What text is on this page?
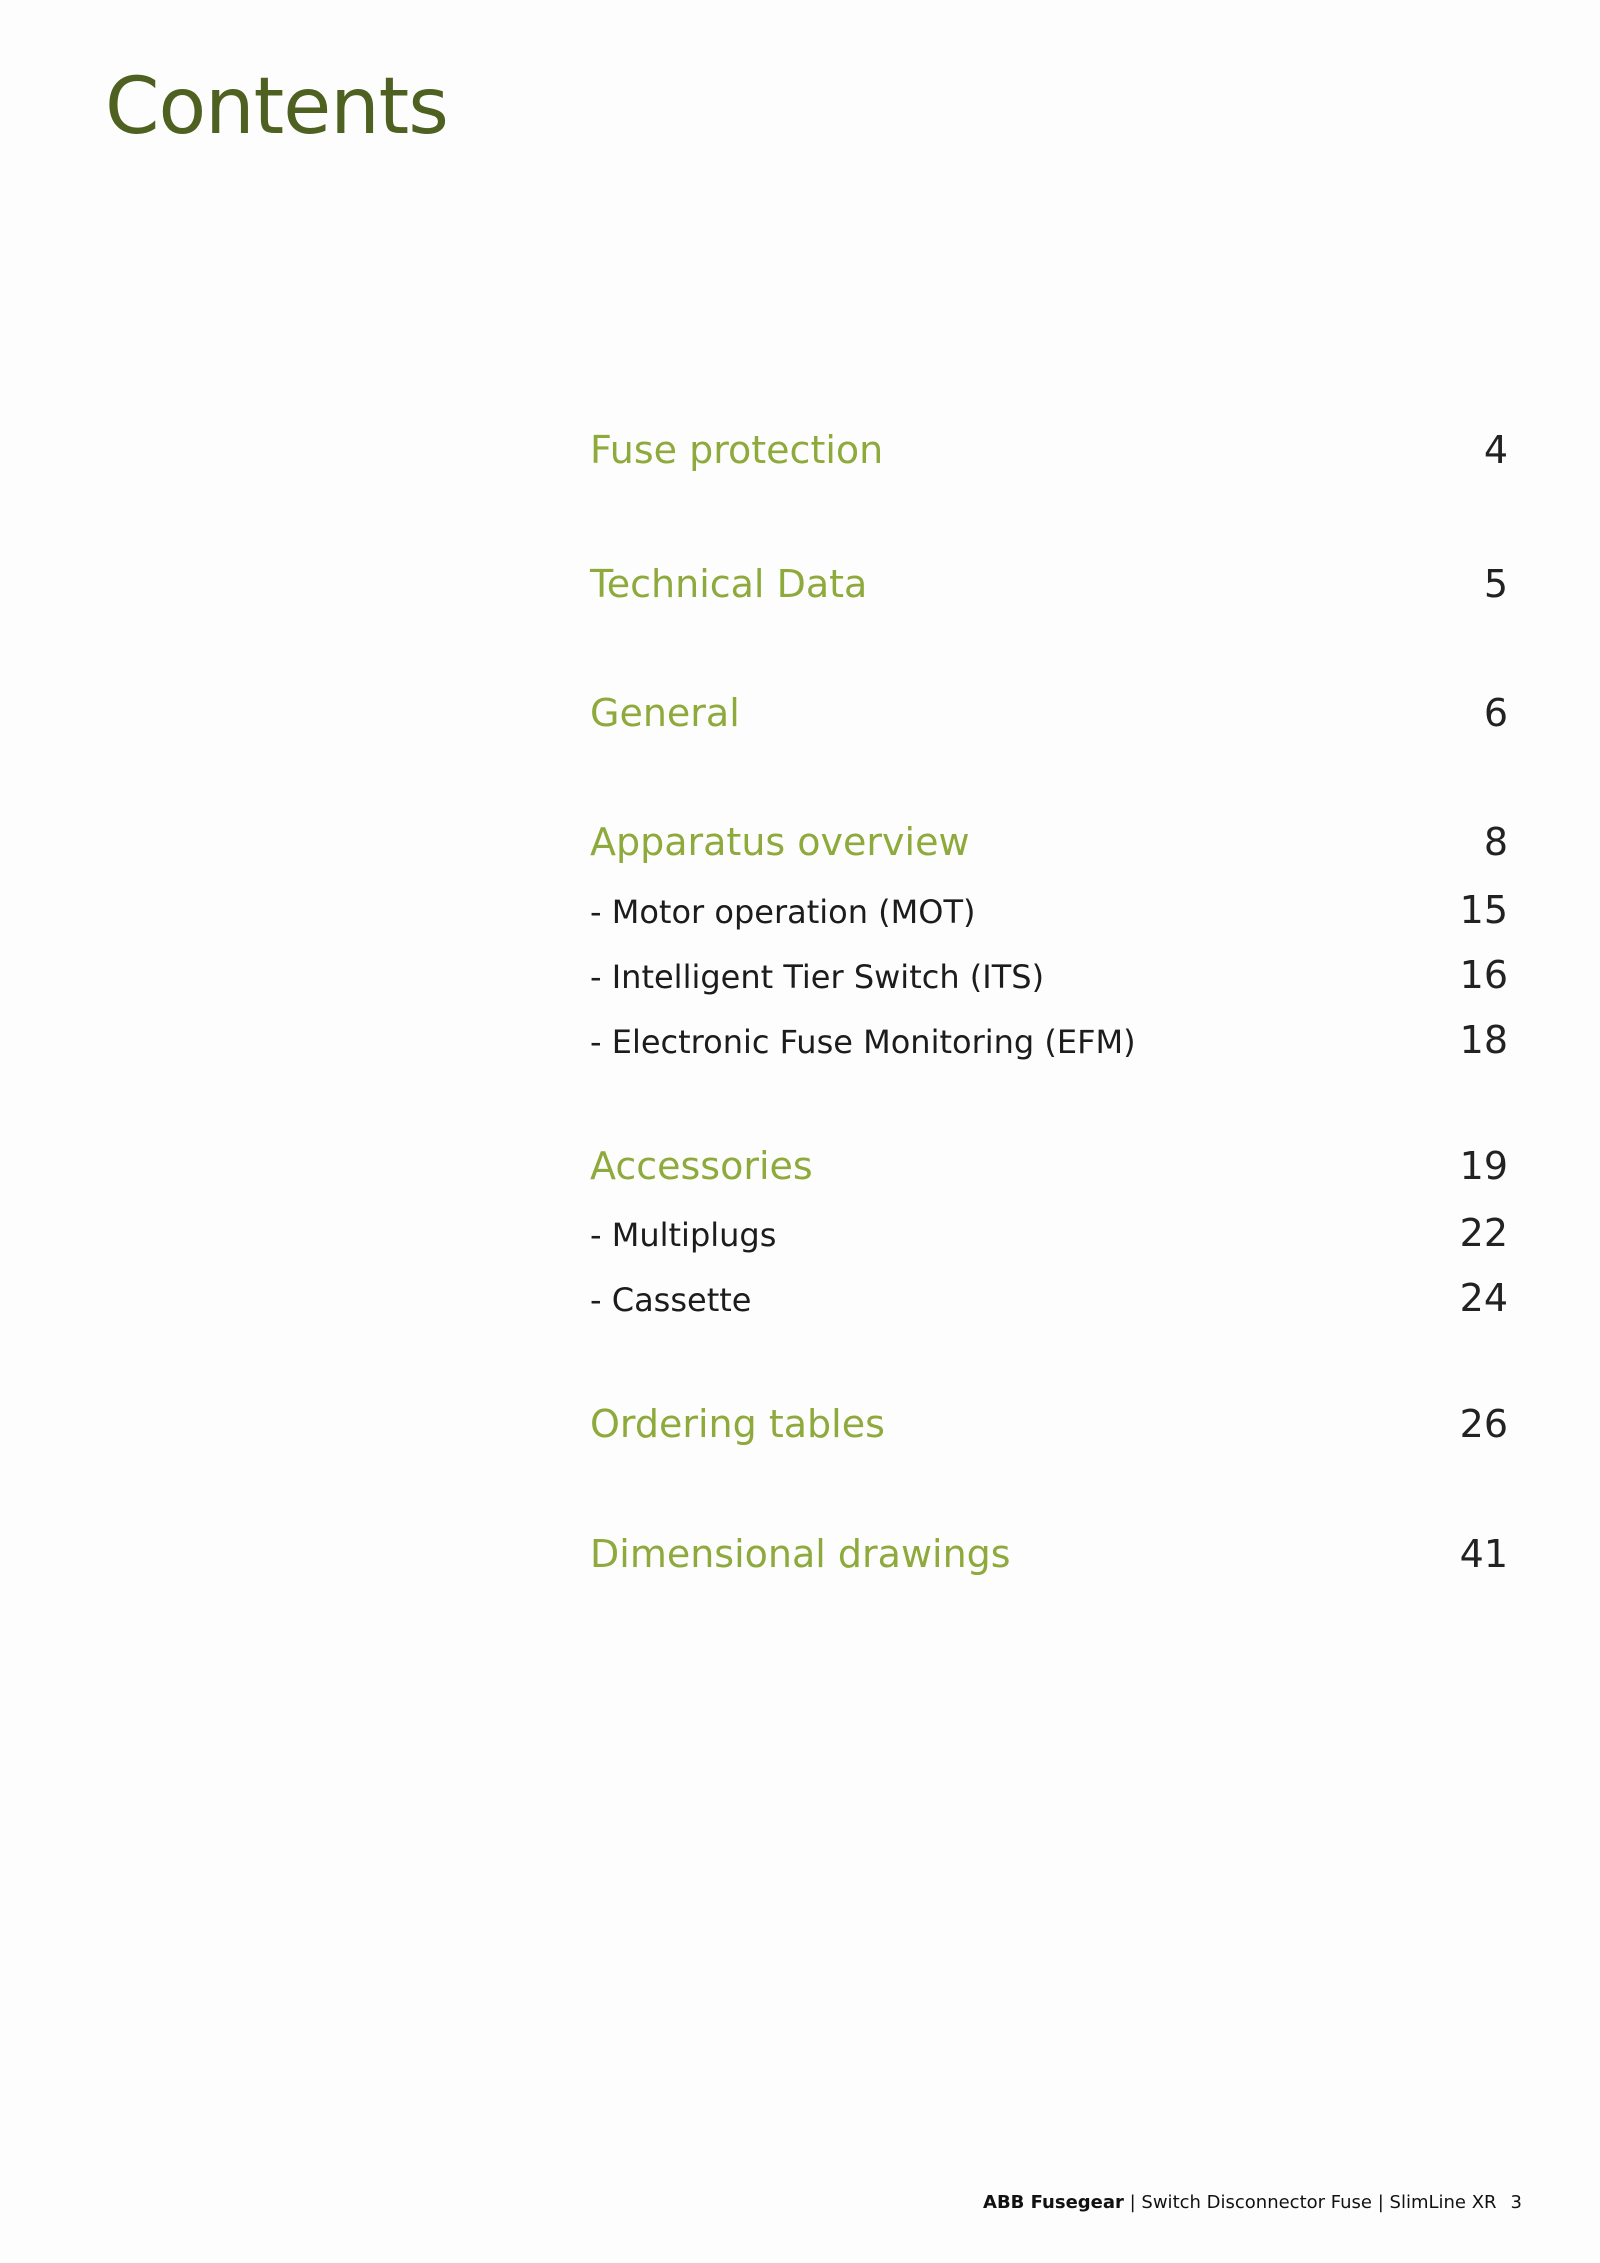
Contents
Fuse protection	4
Technical Data	5
General	6
Apparatus overview	8
- Motor operation (MOT)	15
- Intelligent Tier Switch (ITS)	16
- Electronic Fuse Monitoring (EFM)	18
Accessories	19
- Multiplugs	22
- Cassette	24
Ordering tables	26
Dimensional drawings	41
ABB Fusegear | Switch Disconnector Fuse | SlimLine XR 3
